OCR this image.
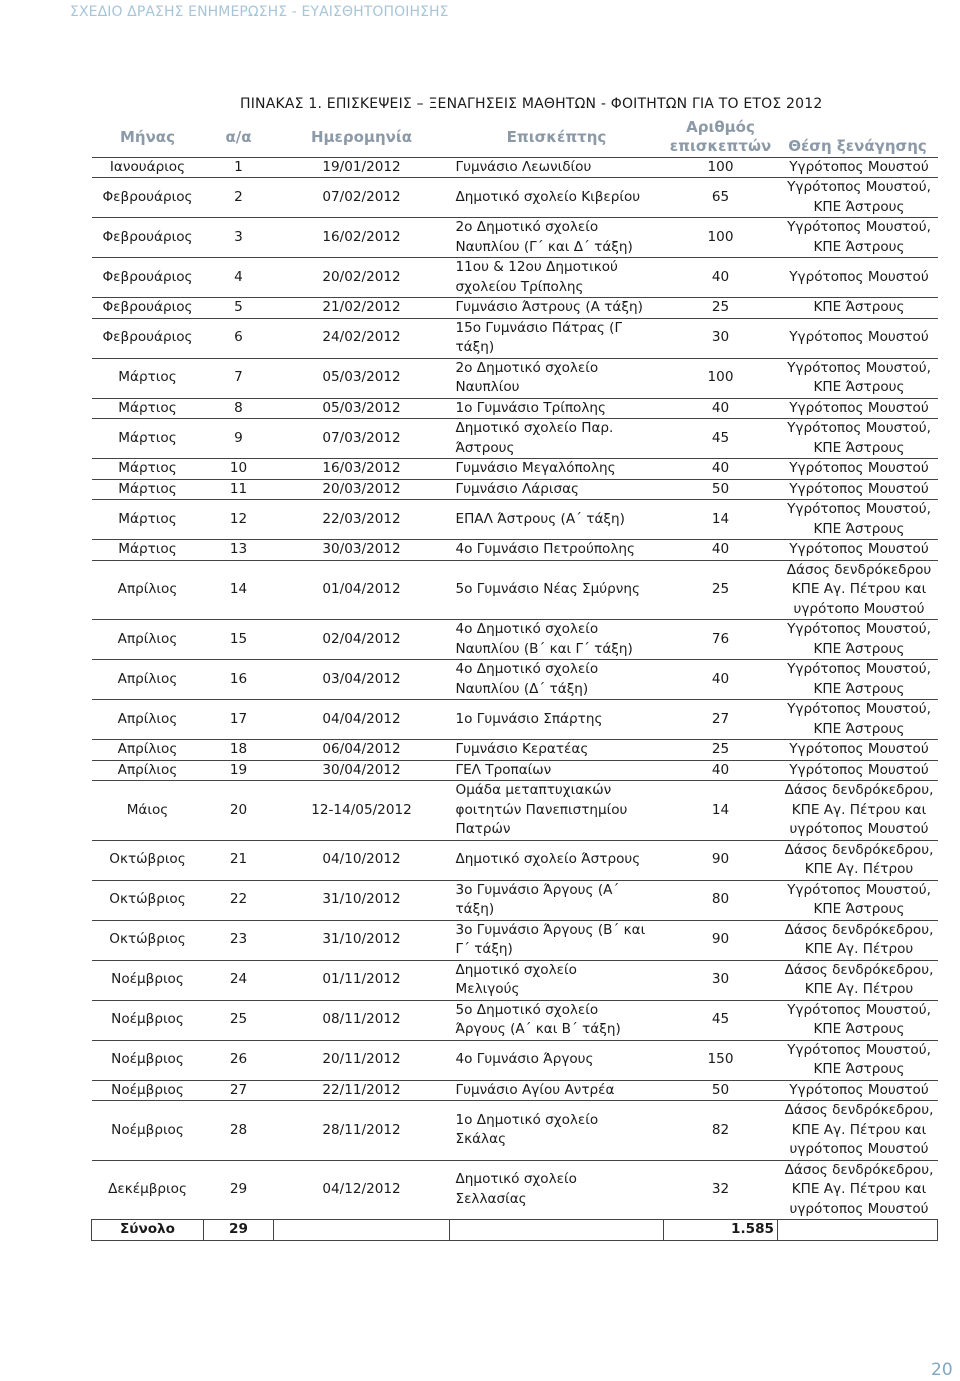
ΣΧΕΔΙΟ ΔΡΑΣΗΣ ΕΝΗΜΕΡΩΣΗΣ - ΕΥΑΙΣΘΗΤΟΠΟΙΗΣΗΣ
ΠΙΝΑΚΑΣ 1. ΕΠΙΣΚΕΨΕΙΣ – ΞΕΝΑΓΗΣΕΙΣ ΜΑΘΗΤΩΝ - ΦΟΙΤΗΤΩΝ ΓΙΑ ΤΟ ΕΤΟΣ 2012
Μήνας	α/α	Ημερομηνία	Επισκέπτης	Αριθμός επισκεπτών	Θέση ξενάγησης
Ιανουάριος	1	19/01/2012	Γυμνάσιο Λεωνιδίου	100	Υγρότοπος Μουστού
Φεβρουάριος	2	07/02/2012	Δημοτικό σχολείο Κιβερίου	65	Υγρότοπος Μουστού,
ΚΠΕ Άστρους
Φεβρουάριος	3	16/02/2012	2ο Δημοτικό σχολείο
Ναυπλίου (Γ΄ και Δ΄ τάξη)	100	Υγρότοπος Μουστού,
ΚΠΕ Άστρους
Φεβρουάριος	4	20/02/2012	11ου & 12ου Δημοτικού
σχολείου Τρίπολης	40	Υγρότοπος Μουστού
Φεβρουάριος	5	21/02/2012	Γυμνάσιο Άστρους (Α τάξη)	25	ΚΠΕ Άστρους
Φεβρουάριος	6	24/02/2012	15ο Γυμνάσιο Πάτρας (Γ
τάξη)	30	Υγρότοπος Μουστού
Μάρτιος	7	05/03/2012	2ο Δημοτικό σχολείο
Ναυπλίου	100	Υγρότοπος Μουστού,
ΚΠΕ Άστρους
Μάρτιος	8	05/03/2012	1ο Γυμνάσιο Τρίπολης	40	Υγρότοπος Μουστού
Μάρτιος	9	07/03/2012	Δημοτικό σχολείο Παρ.
Άστρους	45	Υγρότοπος Μουστού,
ΚΠΕ Άστρους
Μάρτιος	10	16/03/2012	Γυμνάσιο Μεγαλόπολης	40	Υγρότοπος Μουστού
Μάρτιος	11	20/03/2012	Γυμνάσιο Λάρισας	50	Υγρότοπος Μουστού
Μάρτιος	12	22/03/2012	ΕΠΑΛ Άστρους (Α΄ τάξη)	14	Υγρότοπος Μουστού,
ΚΠΕ Άστρους
Μάρτιος	13	30/03/2012	4ο Γυμνάσιο Πετρούπολης	40	Υγρότοπος Μουστού
Απρίλιος	14	01/04/2012	5ο Γυμνάσιο Νέας Σμύρνης	25	Δάσος δενδρόκεδρου
ΚΠΕ Αγ. Πέτρου και
υγρότοπο Μουστού
Απρίλιος	15	02/04/2012	4ο Δημοτικό σχολείο
Ναυπλίου (Β΄ και Γ΄ τάξη)	76	Υγρότοπος Μουστού,
ΚΠΕ Άστρους
Απρίλιος	16	03/04/2012	4ο Δημοτικό σχολείο
Ναυπλίου (Δ΄ τάξη)	40	Υγρότοπος Μουστού,
ΚΠΕ Άστρους
Απρίλιος	17	04/04/2012	1ο Γυμνάσιο Σπάρτης	27	Υγρότοπος Μουστού,
ΚΠΕ Άστρους
Απρίλιος	18	06/04/2012	Γυμνάσιο Κερατέας	25	Υγρότοπος Μουστού
Απρίλιος	19	30/04/2012	ΓΕΛ Τροπαίων	40	Υγρότοπος Μουστού
Μάιος	20	12-14/05/2012	Ομάδα μεταπτυχιακών
φοιτητών Πανεπιστημίου
Πατρών	14	Δάσος δενδρόκεδρου,
ΚΠΕ Αγ. Πέτρου και
υγρότοπος Μουστού
Οκτώβριος	21	04/10/2012	Δημοτικό σχολείο Άστρους	90	Δάσος δενδρόκεδρου,
ΚΠΕ Αγ. Πέτρου
Οκτώβριος	22	31/10/2012	3ο Γυμνάσιο Άργους (Α΄
τάξη)	80	Υγρότοπος Μουστού,
ΚΠΕ Άστρους
Οκτώβριος	23	31/10/2012	3ο Γυμνάσιο Άργους (Β΄ και
Γ΄ τάξη)	90	Δάσος δενδρόκεδρου,
ΚΠΕ Αγ. Πέτρου
Νοέμβριος	24	01/11/2012	Δημοτικό σχολείο
Μελιγούς	30	Δάσος δενδρόκεδρου,
ΚΠΕ Αγ. Πέτρου
Νοέμβριος	25	08/11/2012	5ο Δημοτικό σχολείο
Άργους (Α΄ και Β΄ τάξη)	45	Υγρότοπος Μουστού,
ΚΠΕ Άστρους
Νοέμβριος	26	20/11/2012	4ο Γυμνάσιο Άργους	150	Υγρότοπος Μουστού,
ΚΠΕ Άστρους
Νοέμβριος	27	22/11/2012	Γυμνάσιο Αγίου Αντρέα	50	Υγρότοπος Μουστού
Νοέμβριος	28	28/11/2012	1ο Δημοτικό σχολείο
Σκάλας	82	Δάσος δενδρόκεδρου,
ΚΠΕ Αγ. Πέτρου και
υγρότοπος Μουστού
Δεκέμβριος	29	04/12/2012	Δημοτικό σχολείο
Σελλασίας	32	Δάσος δενδρόκεδρου,
ΚΠΕ Αγ. Πέτρου και
υγρότοπος Μουστού
Σύνολο	29			1.585	
20
